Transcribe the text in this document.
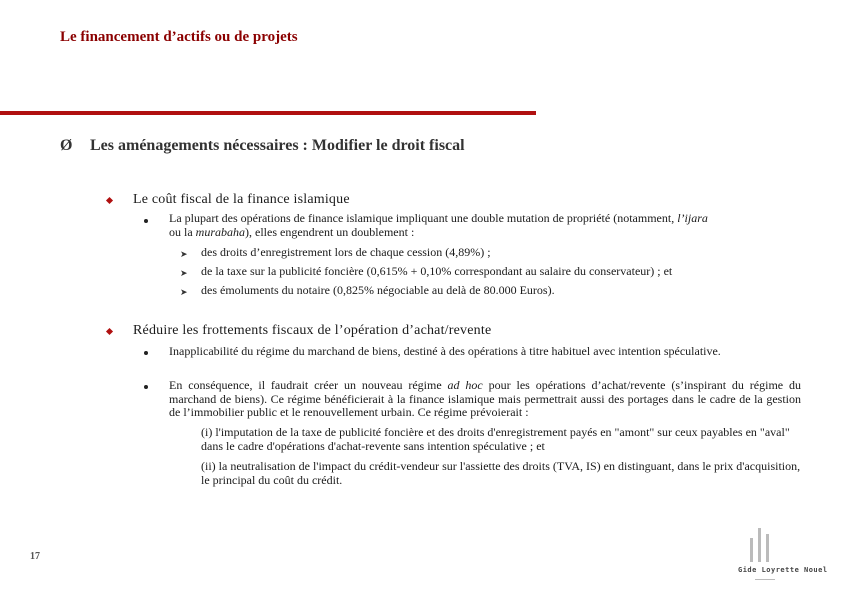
Le financement d’actifs ou de projets
Ø Les aménagements nécessaires : Modifier le droit fiscal
Le coût fiscal de la finance islamique
La plupart des opérations de finance islamique impliquant une double mutation de propriété (notamment, l’ijara
ou la murabaha), elles engendrent un doublement :
➤ des droits d’enregistrement lors de chaque cession (4,89%) ;
➤ de la taxe sur la publicité foncière (0,615% + 0,10% correspondant au salaire du conservateur) ; et
➤ des émoluments du notaire (0,825% négociable au delà de 80.000 Euros).
Réduire les frottements fiscaux de l’opération d’achat/revente
Inapplicabilité du régime du marchand de biens, destiné à des opérations à titre habituel avec intention spéculative.
En conséquence, il faudrait créer un nouveau régime ad hoc pour les opérations d’achat/revente (s’inspirant du régime du marchand de biens). Ce régime bénéficierait à la finance islamique mais permettrait aussi des portages dans le cadre de la gestion de l’immobilier public et le renouvellement urbain. Ce régime prévoierait :
(i) l'imputation de la taxe de publicité foncière et des droits d'enregistrement payés en "amont" sur ceux payables en "aval" dans le cadre d'opérations d'achat-revente sans intention spéculative ; et
(ii) la neutralisation de l'impact du crédit-vendeur sur l'assiette des droits (TVA, IS) en distinguant, dans le prix d'acquisition, le principal du coût du crédit.
17
Gide Loyrette Nouel
